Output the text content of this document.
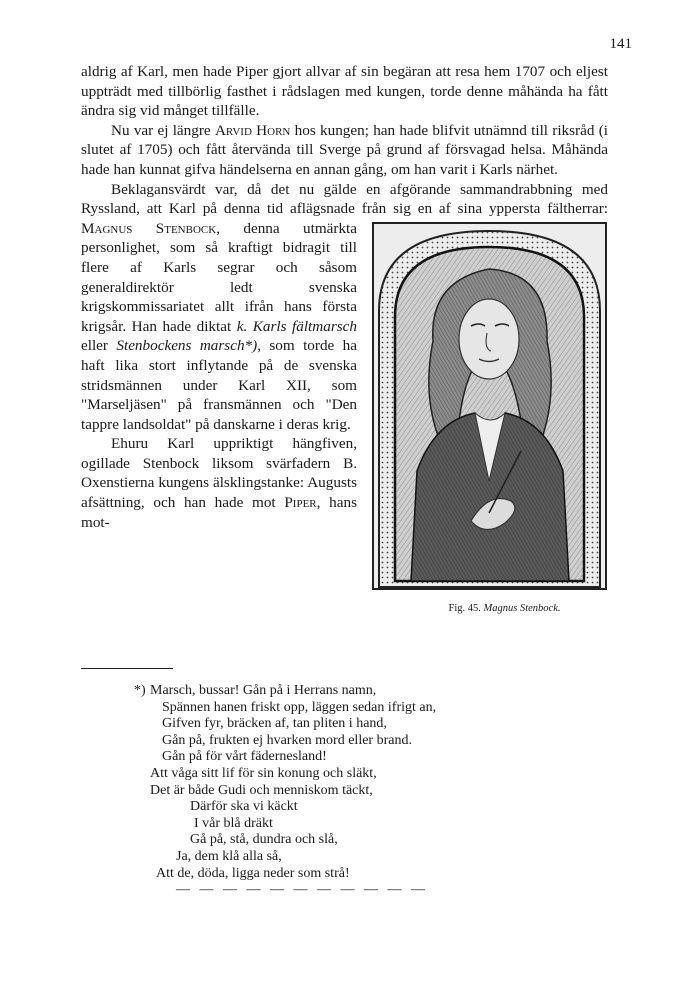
141

aldrig af Karl, men hade Piper gjort allvar af sin begäran att resa hem 1707 och eljest uppträdt med tillbörlig fasthet i rådslagen med kungen, torde denne måhända ha fått ändra sig vid månget tillfälle.

Nu var ej längre Arvid Horn hos kungen; han hade blifvit utnämnd till riksråd (i slutet af 1705) och fått återvända till Sverge på grund af försvagad helsa. Måhända hade han kunnat gifva händelserna en annan gång, om han varit i Karls närhet.

Beklagansvärdt var, då det nu gälde en afgörande sammandrabbning med Ryssland, att Karl på denna tid aflägsnade från sig en af sina yppersta fältherrar:
Fig. 45. Magnus Stenbock.
Magnus Stenbock, denna utmärkta personlighet, som så kraftigt bidragit till flere af Karls segrar och såsom generaldirektör ledt svenska krigskommissariatet allt ifrån hans första krigsår. Han hade diktat k. Karls fältmarsch eller Stenbockens marsch*), som torde ha haft lika stort inflytande på de svenska stridsmännen under Karl XII, som "Marseljäsen" på fransmännen och "Den tappre landsoldat" på danskarne i deras krig.

Ehuru Karl uppriktigt hängfiven, ogillade Stenbock liksom svärfadern B. Oxenstierna kungens älsklingstanke: Augusts afsättning, och han hade mot Piper, hans mot-

*) Marsch, bussar! Gån på i Herrans namn,
Spännen hanen friskt opp, läggen sedan ifrigt an,
Gifven fyr, bräcken af, tan pliten i hand,
Gån på, frukten ej hvarken mord eller brand.
Gån på för vårt fädernesland!
Att våga sitt lif för sin konung och släkt,
Det är både Gudi och menniskom täckt,
Därför ska vi käckt
I vår blå dräkt
Gå på, stå, dundra och slå,
Ja, dem klå alla så,
Att de, döda, ligga neder som strå!
— — — — — — — — — — —
